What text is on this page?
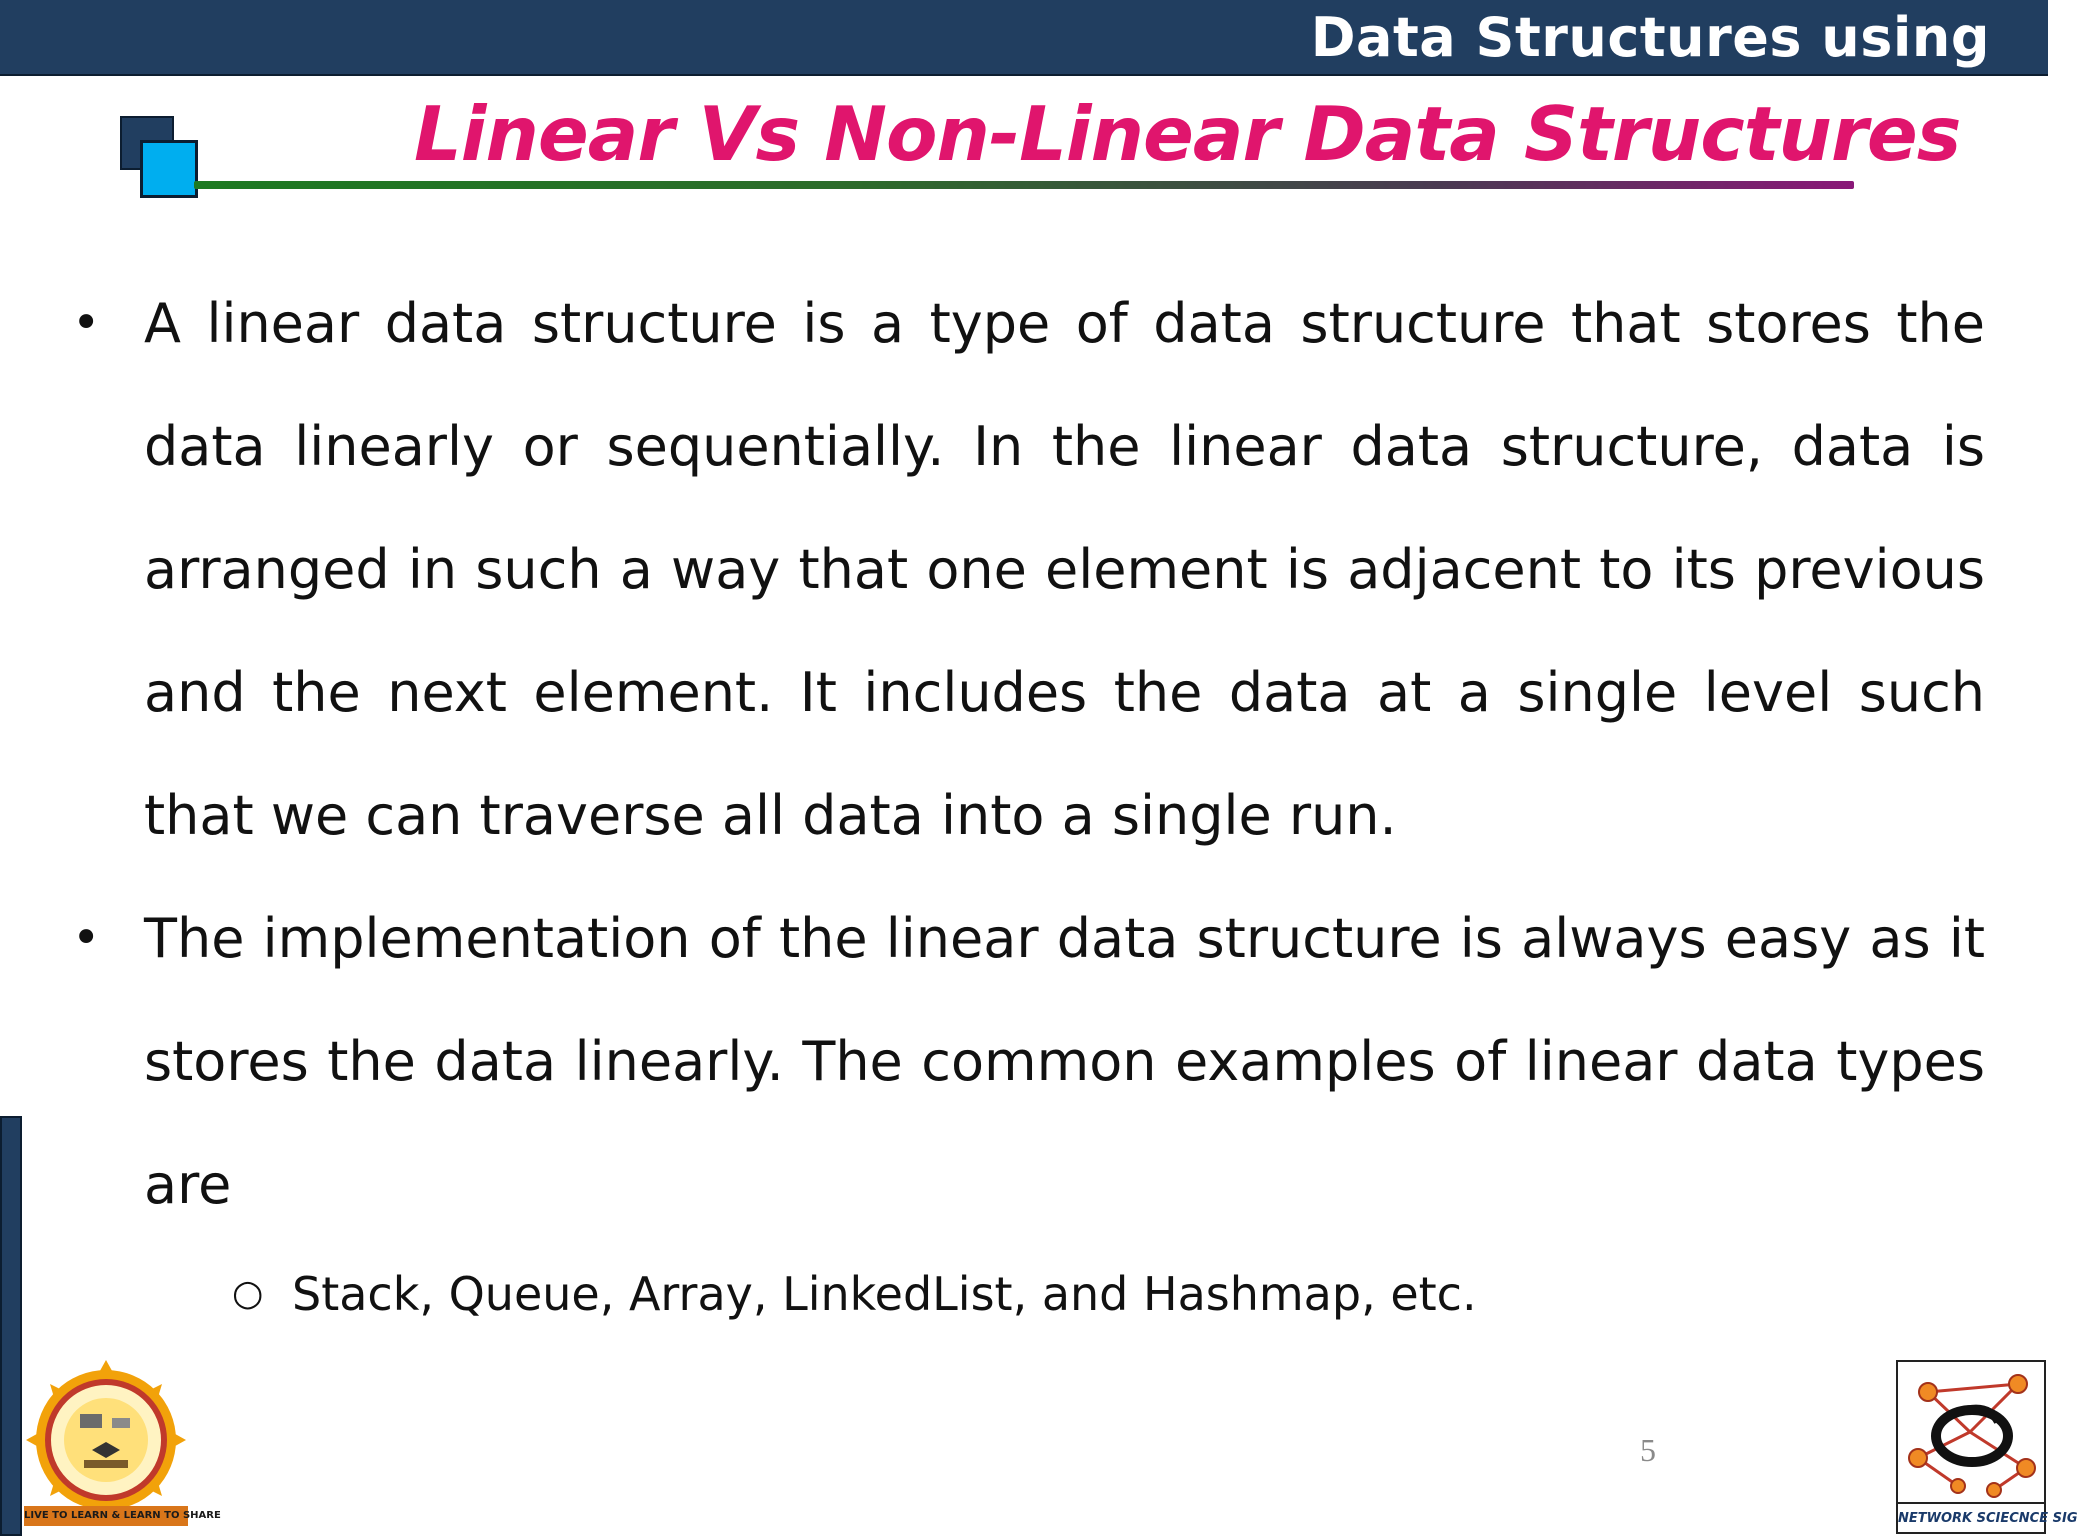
Data Structures using
Linear Vs Non-Linear Data Structures
• A linear data structure is a type of data structure that stores the data linearly or sequentially. In the linear data structure, data is arranged in such a way that one element is adjacent to its previous and the next element. It includes the data at a single level such that we can traverse all data into a single run.
• The implementation of the linear data structure is always easy as it stores the data linearly. The common examples of linear data types are
○ Stack, Queue, Array, LinkedList, and Hashmap, etc.
5
LIVE TO LEARN & LEARN TO SHARE	NETWORK SCIECNCE SIG
